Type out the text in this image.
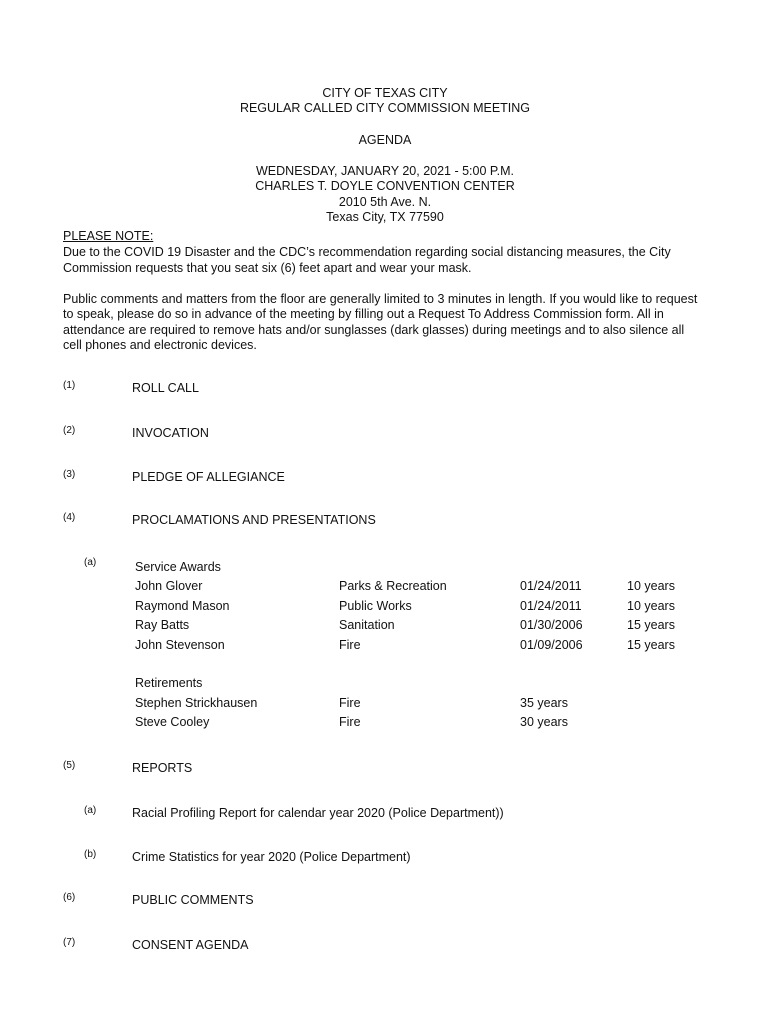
CITY OF TEXAS CITY
REGULAR CALLED CITY COMMISSION MEETING
AGENDA
WEDNESDAY, JANUARY 20, 2021 - 5:00 P.M.
CHARLES T. DOYLE CONVENTION CENTER
2010 5th Ave. N.
Texas City, TX 77590
PLEASE NOTE:
Due to the COVID 19 Disaster and the CDC’s recommendation regarding social distancing measures, the City
Commission requests that you seat six (6) feet apart and wear your mask.
Public comments and matters from the floor are generally limited to 3 minutes in length. If you would like to request
to speak, please do so in advance of the meeting by filling out a Request To Address Commission form. All in
attendance are required to remove hats and/or sunglasses (dark glasses) during meetings and to also silence all
cell phones and electronic devices.
(1)	ROLL CALL
(2)	INVOCATION
(3)	PLEDGE OF ALLEGIANCE
(4)	PROCLAMATIONS AND PRESENTATIONS
(a)	Service Awards
John Glover	Parks & Recreation	01/24/2011	10 years
Raymond Mason	Public Works	01/24/2011	10 years
Ray Batts	Sanitation	01/30/2006	15 years
John Stevenson	Fire	01/09/2006	15 years
Retirements
Stephen Strickhausen	Fire	35 years
Steve Cooley	Fire	30 years
(5)	REPORTS
(a)	Racial Profiling Report for calendar year 2020 (Police Department))
(b)	Crime Statistics for year 2020 (Police Department)
(6)	PUBLIC COMMENTS
(7)	CONSENT AGENDA
